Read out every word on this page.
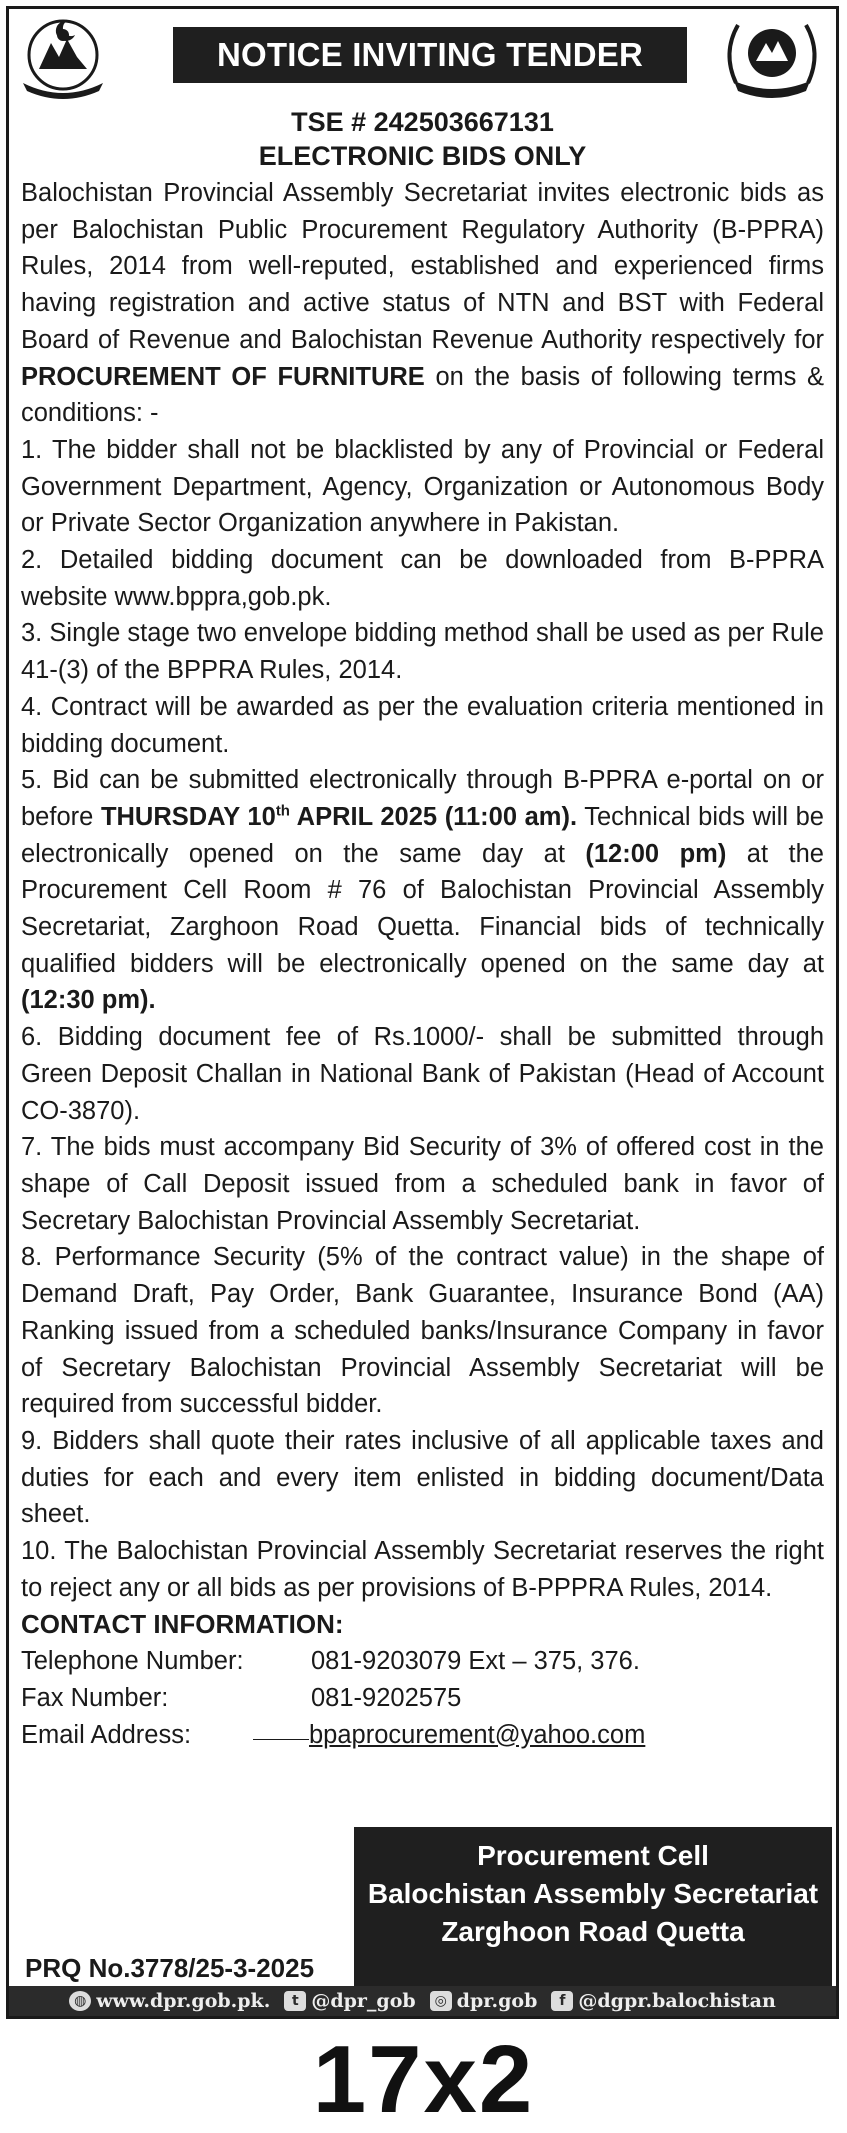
NOTICE INVITING TENDER
TSE # 242503667131
ELECTRONIC BIDS ONLY

Balochistan Provincial Assembly Secretariat invites electronic bids as per Balochistan Public Procurement Regulatory Authority (B-PPRA) Rules, 2014 from well-reputed, established and experienced firms having registration and active status of NTN and BST with Federal Board of Revenue and Balochistan Revenue Authority respectively for PROCUREMENT OF FURNITURE on the basis of following terms & conditions: -

1. The bidder shall not be blacklisted by any of Provincial or Federal Government Department, Agency, Organization or Autonomous Body or Private Sector Organization anywhere in Pakistan.

2. Detailed bidding document can be downloaded from B-PPRA website www.bppra,gob.pk.

3. Single stage two envelope bidding method shall be used as per Rule 41-(3) of the BPPRA Rules, 2014.

4. Contract will be awarded as per the evaluation criteria mentioned in bidding document.

5. Bid can be submitted electronically through B-PPRA e-portal on or before THURSDAY 10th APRIL 2025 (11:00 am). Technical bids will be electronically opened on the same day at (12:00 pm) at the Procurement Cell Room # 76 of Balochistan Provincial Assembly Secretariat, Zarghoon Road Quetta. Financial bids of technically qualified bidders will be electronically opened on the same day at (12:30 pm).

6. Bidding document fee of Rs.1000/- shall be submitted through Green Deposit Challan in National Bank of Pakistan (Head of Account CO-3870).

7. The bids must accompany Bid Security of 3% of offered cost in the shape of Call Deposit issued from a scheduled bank in favor of Secretary Balochistan Provincial Assembly Secretariat.

8. Performance Security (5% of the contract value) in the shape of Demand Draft, Pay Order, Bank Guarantee, Insurance Bond (AA) Ranking issued from a scheduled banks/Insurance Company in favor of Secretary Balochistan Provincial Assembly Secretariat will be required from successful bidder.

9. Bidders shall quote their rates inclusive of all applicable taxes and duties for each and every item enlisted in bidding document/Data sheet.

10. The Balochistan Provincial Assembly Secretariat reserves the right to reject any or all bids as per provisions of B-PPPRA Rules, 2014.

CONTACT INFORMATION:

Telephone Number:	081-9203079 Ext – 375, 376.
Fax Number:	081-9202575
Email Address:	bpaprocurement@yahoo.com
Procurement Cell
Balochistan Assembly Secretariat
Zarghoon Road Quetta
PRQ No.3778/25-3-2025
◍ www.dpr.gob.pk.	t @dpr_gob	◎ dpr.gob	f @dgpr.balochistan
17x2
